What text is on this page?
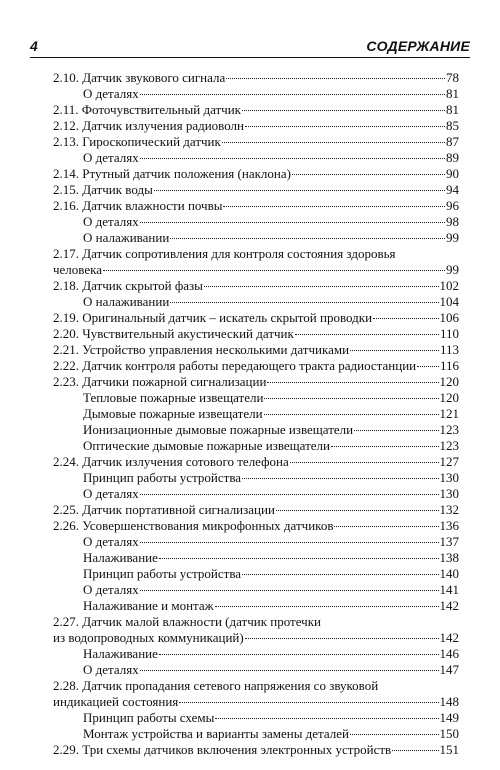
4	СОДЕРЖАНИЕ
2.10. Датчик звукового сигнала	78
О деталях	81
2.11. Фоточувствительный датчик	81
2.12. Датчик излучения радиоволн	85
2.13. Гироскопический датчик	87
О деталях	89
2.14. Ртутный датчик положения (наклона)	90
2.15. Датчик воды	94
2.16. Датчик влажности почвы	96
О деталях	98
О налаживании	99
2.17. Датчик сопротивления для контроля состояния здоровья
человека	99
2.18. Датчик скрытой фазы	102
О налаживании	104
2.19. Оригинальный датчик – искатель скрытой проводки	106
2.20. Чувствительный акустический датчик	110
2.21. Устройство управления несколькими датчиками	113
2.22. Датчик контроля работы передающего тракта радиостанции 116
2.23. Датчики пожарной сигнализации	120
Тепловые пожарные извещатели	120
Дымовые пожарные извещатели	121
Ионизационные дымовые пожарные извещатели	123
Оптические дымовые пожарные извещатели	123
2.24. Датчик излучения сотового телефона	127
Принцип работы устройства	130
О деталях	130
2.25. Датчик портативной сигнализации	132
2.26. Усовершенствования микрофонных датчиков	136
О деталях	137
Налаживание	138
Принцип работы устройства	140
О деталях	141
Налаживание и монтаж	142
2.27. Датчик малой влажности (датчик протечки
из водопроводных коммуникаций)	142
Налаживание	146
О деталях	147
2.28. Датчик пропадания сетевого напряжения со звуковой
индикацией состояния	148
Принцип работы схемы	149
Монтаж устройства и варианты замены деталей	150
2.29. Три схемы датчиков включения электронных устройств	151
